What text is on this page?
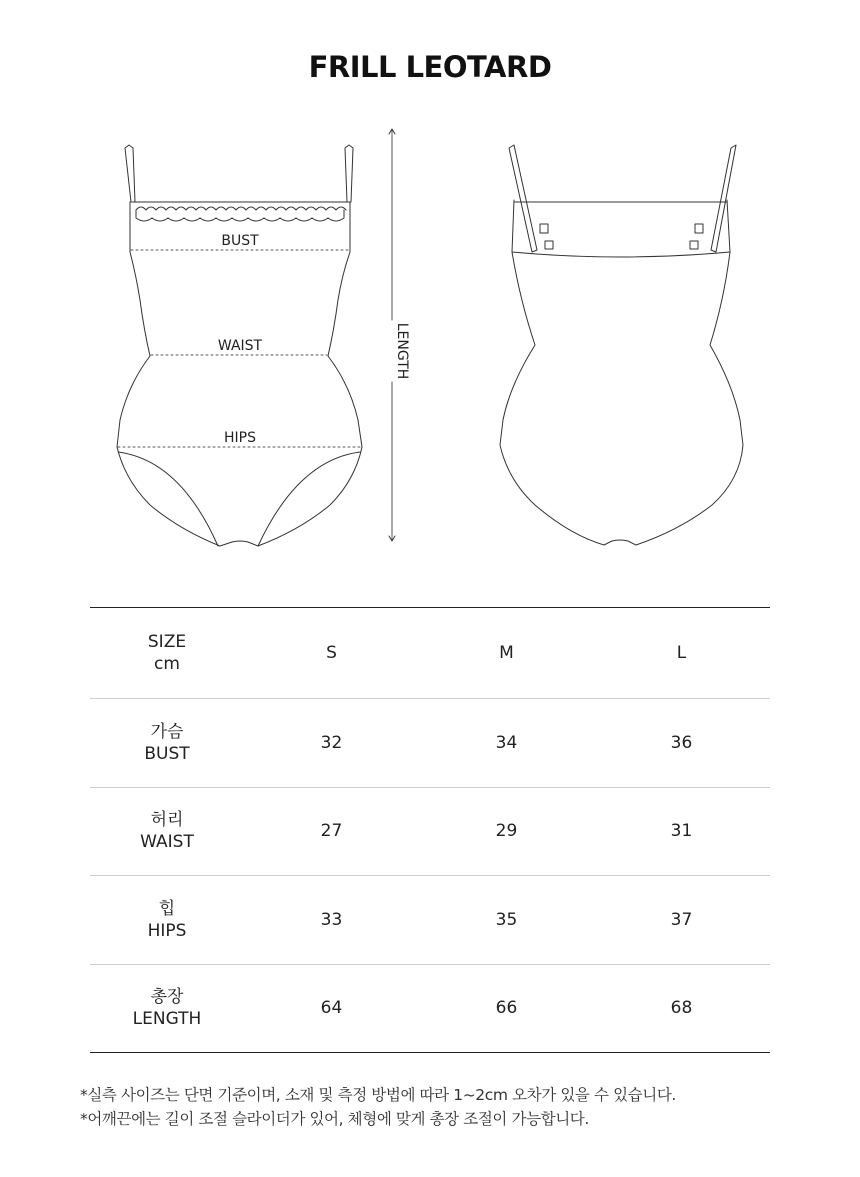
FRILL LEOTARD
BUST
WAIST
HIPS
LENGTH
SIZE
cm
S	M	L
가슴
BUST
32	34	36
허리
WAIST
27	29	31
힙
HIPS
33	35	37
총장
LENGTH
64	66	68

*실측 사이즈는 단면 기준이며, 소재 및 측정 방법에 따라 1~2cm 오차가 있을 수 있습니다.

*어깨끈에는 길이 조절 슬라이더가 있어, 체형에 맞게 총장 조절이 가능합니다.
